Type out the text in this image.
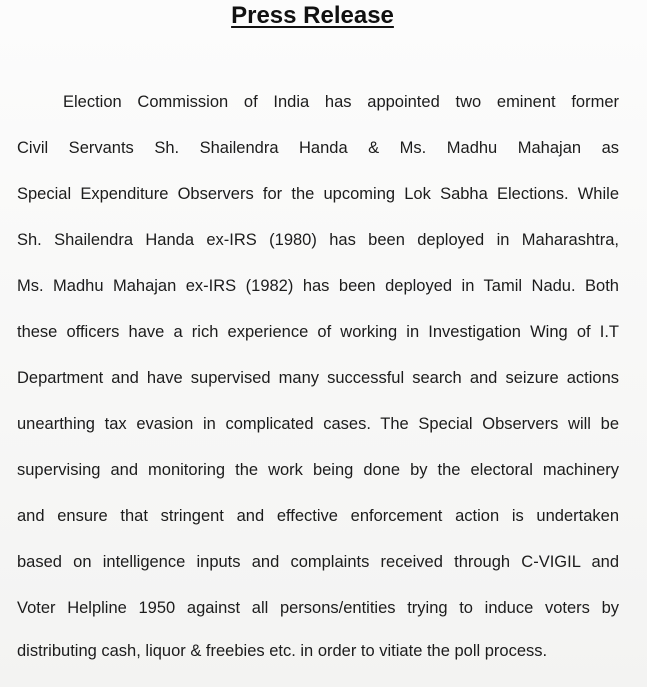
Press Release
Election Commission of India has appointed two eminent former
Civil Servants Sh. Shailendra Handa & Ms. Madhu Mahajan as
Special Expenditure Observers for the upcoming Lok Sabha Elections. While
Sh. Shailendra Handa ex-IRS (1980) has been deployed in Maharashtra,
Ms. Madhu Mahajan ex-IRS (1982) has been deployed in Tamil Nadu. Both
these officers have a rich experience of working in Investigation Wing of I.T
Department and have supervised many successful search and seizure actions
unearthing tax evasion in complicated cases. The Special Observers will be
supervising and monitoring the work being done by the electoral machinery
and ensure that stringent and effective enforcement action is undertaken
based on intelligence inputs and complaints received through C-VIGIL and
Voter Helpline 1950 against all persons/entities trying to induce voters by
distributing cash, liquor & freebies etc. in order to vitiate the poll process.
